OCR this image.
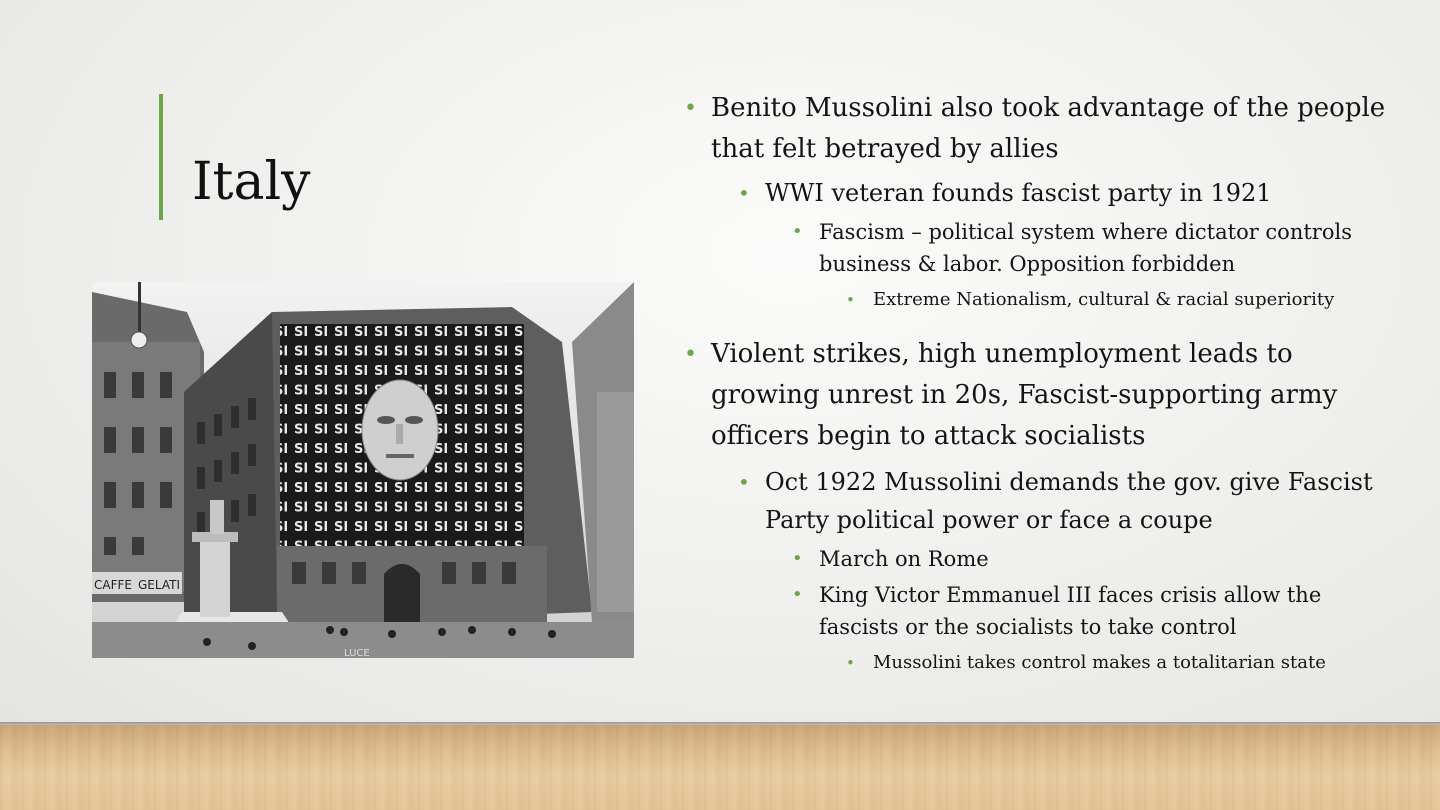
Italy
CAFFE GELATI
LUCE
• Benito Mussolini also took advantage of the people that felt betrayed by allies
• WWI veteran founds fascist party in 1921
• Fascism – political system where dictator controls business & labor. Opposition forbidden
• Extreme Nationalism, cultural & racial superiority
• Violent strikes, high unemployment leads to growing unrest in 20s, Fascist-supporting army officers begin to attack socialists
• Oct 1922 Mussolini demands the gov. give Fascist Party political power or face a coupe
• March on Rome
• King Victor Emmanuel III faces crisis allow the fascists or the socialists to take control
• Mussolini takes control makes a totalitarian state
